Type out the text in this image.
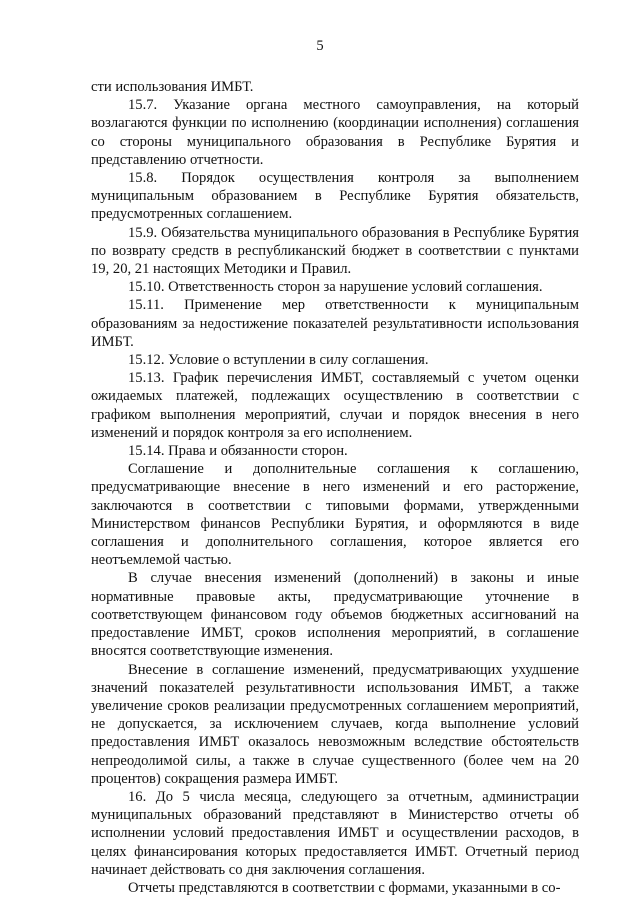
5

сти использования ИМБТ.

15.7. Указание органа местного самоуправления, на который возлагаются функции по исполнению (координации исполнения) соглашения со стороны муниципального образования в Республике Бурятия и представлению отчетности.

15.8. Порядок осуществления контроля за выполнением муниципальным образованием в Республике Бурятия обязательств, предусмотренных соглашением.

15.9. Обязательства муниципального образования в Республике Бурятия по возврату средств в республиканский бюджет в соответствии с пунктами 19, 20, 21 настоящих Методики и Правил.

15.10. Ответственность сторон за нарушение условий соглашения.

15.11. Применение мер ответственности к муниципальным образованиям за недостижение показателей результативности использования ИМБТ.

15.12. Условие о вступлении в силу соглашения.

15.13. График перечисления ИМБТ, составляемый с учетом оценки ожидаемых платежей, подлежащих осуществлению в соответствии с графиком выполнения мероприятий, случаи и порядок внесения в него изменений и порядок контроля за его исполнением.

15.14. Права и обязанности сторон.

Соглашение и дополнительные соглашения к соглашению, предусматривающие внесение в него изменений и его расторжение, заключаются в соответствии с типовыми формами, утвержденными Министерством финансов Республики Бурятия, и оформляются в виде соглашения и дополнительного соглашения, которое является его неотъемлемой частью.

В случае внесения изменений (дополнений) в законы и иные нормативные правовые акты, предусматривающие уточнение в соответствующем финансовом году объемов бюджетных ассигнований на предоставление ИМБТ, сроков исполнения мероприятий, в соглашение вносятся соответствующие изменения.

Внесение в соглашение изменений, предусматривающих ухудшение значений показателей результативности использования ИМБТ, а также увеличение сроков реализации предусмотренных соглашением мероприятий, не допускается, за исключением случаев, когда выполнение условий предоставления ИМБТ оказалось невозможным вследствие обстоятельств непреодолимой силы, а также в случае существенного (более чем на 20 процентов) сокращения размера ИМБТ.

16. До 5 числа месяца, следующего за отчетным, администрации муниципальных образований представляют в Министерство отчеты об исполнении условий предоставления ИМБТ и осуществлении расходов, в целях финансирования которых предоставляется ИМБТ. Отчетный период начинает действовать со дня заключения соглашения.

Отчеты представляются в соответствии с формами, указанными в со-
